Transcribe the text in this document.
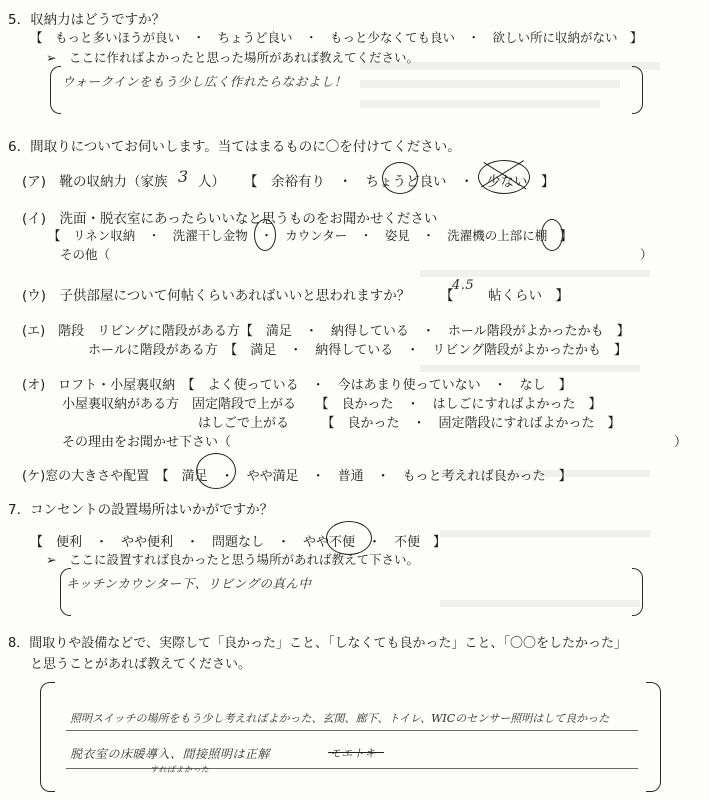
5．収納力はどうですか？
【　もっと多いほうが良い　・　ちょうど良い　・　もっと少なくても良い　・　欲しい所に収納がない　】
➢　ここに作ればよかったと思った場所があれば教えてください。
ウォークインをもう少し広く作れたらなおよし！
6．間取りについてお伺いします。当てはまるものに〇を付けてください。
(ア)　靴の収納力（家族 3 人） 【　余裕有り　・　ちょうど良い　・　少ない　】
(イ)　洗面・脱衣室にあったらいいなと思うものをお聞かせください
【　リネン収納　・　洗濯干し金物　・　カウンター　・　姿見　・　洗濯機の上部に棚　】
その他（	）
(ウ)　子供部屋について何帖くらいあればいいと思われますか？ 【
4.5
帖くらい　】
(エ)　階段　リビングに階段がある方【　満足　・　納得している　・　ホール階段がよかったかも　】
ホールに階段がある方　【　満足　・　納得している　・　リビング階段がよかったかも　】
(オ)　ロフト・小屋裏収納　【　よく使っている　・　今はあまり使っていない　・　なし　】
小屋裏収納がある方　固定階段で上がる　　【　良かった　・　はしごにすればよかった　】
はしごで上がる　　　【　良かった　・　固定階段にすればよかった　】
その理由をお聞かせ下さい（	）
(ケ)窓の大きさや配置　【　満足　・　やや満足　・　普通　・　もっと考えれば良かった　】
7．コンセントの設置場所はいかがですか？
【　便利　・　やや便利　・　問題なし　・　やや不便　・　不便　】
➢　ここに設置すれば良かったと思う場所があれば教えて下さい。
キッチンカウンター下、リビングの真ん中
8．間取りや設備などで、実際して「良かった」こと、「しなくても良かった」こと、「〇〇をしたかった」
と思うことがあれば教えてください。
照明スイッチの場所をもう少し考えればよかった、玄関、廊下、トイレ、WICのセンサー照明はして良かった
脱衣室の床暖導入、間接照明は正解
すればよかった
モエトキ
